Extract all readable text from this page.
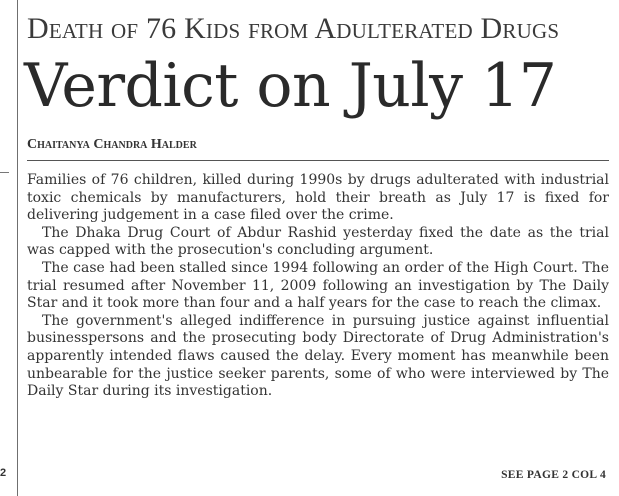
2
Death of 76 Kids from Adulterated Drugs
Verdict on July 17
Chaitanya Chandra Halder

Families of 76 children, killed during 1990s by drugs adulterated with industrial toxic chemicals by manufacturers, hold their breath as July 17 is fixed for delivering judgement in a case filed over the crime.

The Dhaka Drug Court of Abdur Rashid yesterday fixed the date as the trial was capped with the prosecution's concluding argument.

The case had been stalled since 1994 following an order of the High Court. The trial resumed after November 11, 2009 following an investigation by The Daily Star and it took more than four and a half years for the case to reach the climax.

The government's alleged indifference in pursuing justice against influential businesspersons and the prosecuting body Directorate of Drug Administration's apparently intended flaws caused the delay. Every moment has meanwhile been unbearable for the justice seeker parents, some of who were interviewed by The Daily Star during its investigation.

SEE PAGE 2 COL 4
